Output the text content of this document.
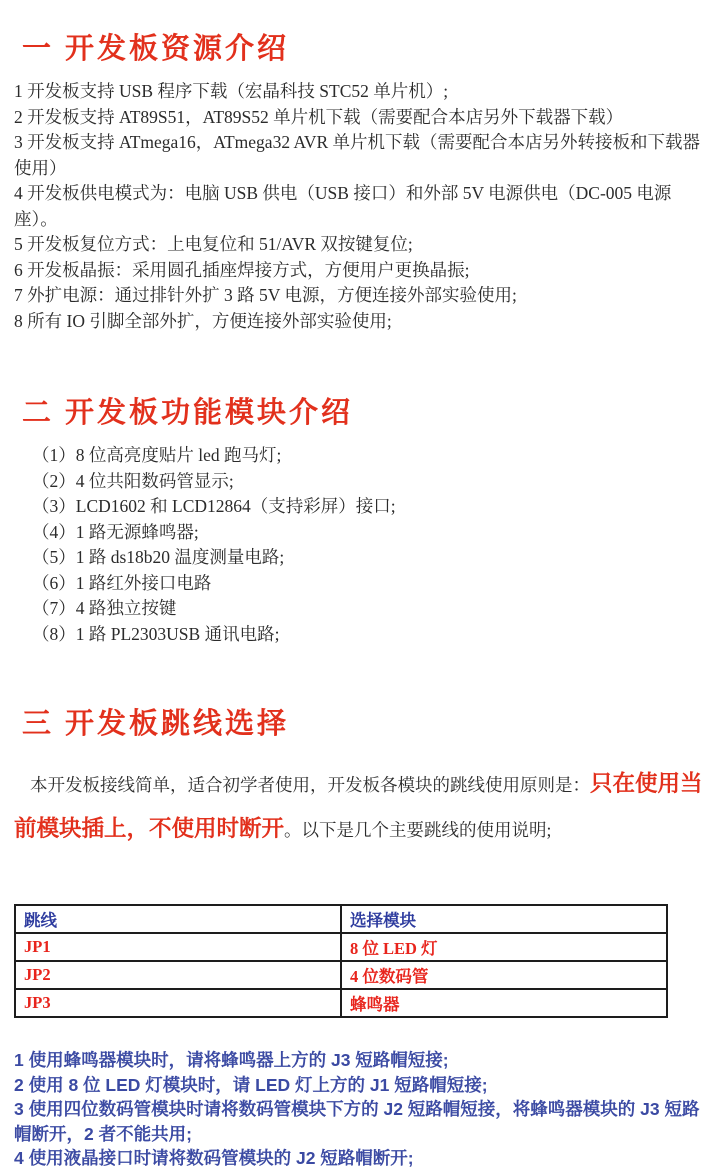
一 开发板资源介绍
1 开发板支持 USB 程序下载（宏晶科技 STC52 单片机）;
2 开发板支持 AT89S51，AT89S52 单片机下载（需要配合本店另外下载器下载）
3 开发板支持 ATmega16，ATmega32 AVR 单片机下载（需要配合本店另外转接板和下载器使用）
4 开发板供电模式为：电脑 USB 供电（USB 接口）和外部 5V 电源供电（DC-005 电源座）。
5 开发板复位方式：上电复位和 51/AVR 双按键复位;
6 开发板晶振：采用圆孔插座焊接方式，方便用户更换晶振;
7 外扩电源：通过排针外扩 3 路 5V 电源，方便连接外部实验使用;
8 所有 IO 引脚全部外扩，方便连接外部实验使用;
二 开发板功能模块介绍
（1）8 位高亮度贴片 led 跑马灯;
（2）4 位共阳数码管显示;
（3）LCD1602 和 LCD12864（支持彩屏）接口;
（4）1 路无源蜂鸣器;
（5）1 路 ds18b20 温度测量电路;
（6）1 路红外接口电路
（7）4 路独立按键
（8）1 路 PL2303USB 通讯电路;
三 开发板跳线选择

本开发板接线简单，适合初学者使用，开发板各模块的跳线使用原则是：只在使用当前模块插上，不使用时断开。以下是几个主要跳线的使用说明;

跳线	选择模块
JP1	8 位 LED 灯
JP2	4 位数码管
JP3	蜂鸣器
1 使用蜂鸣器模块时，请将蜂鸣器上方的 J3 短路帽短接;
2 使用 8 位 LED 灯模块时，请 LED 灯上方的 J1 短路帽短接;
3 使用四位数码管模块时请将数码管模块下方的 J2 短路帽短接，将蜂鸣器模块的 J3 短路帽断开，2 者不能共用;
4 使用液晶接口时请将数码管模块的 J2 短路帽断开;
